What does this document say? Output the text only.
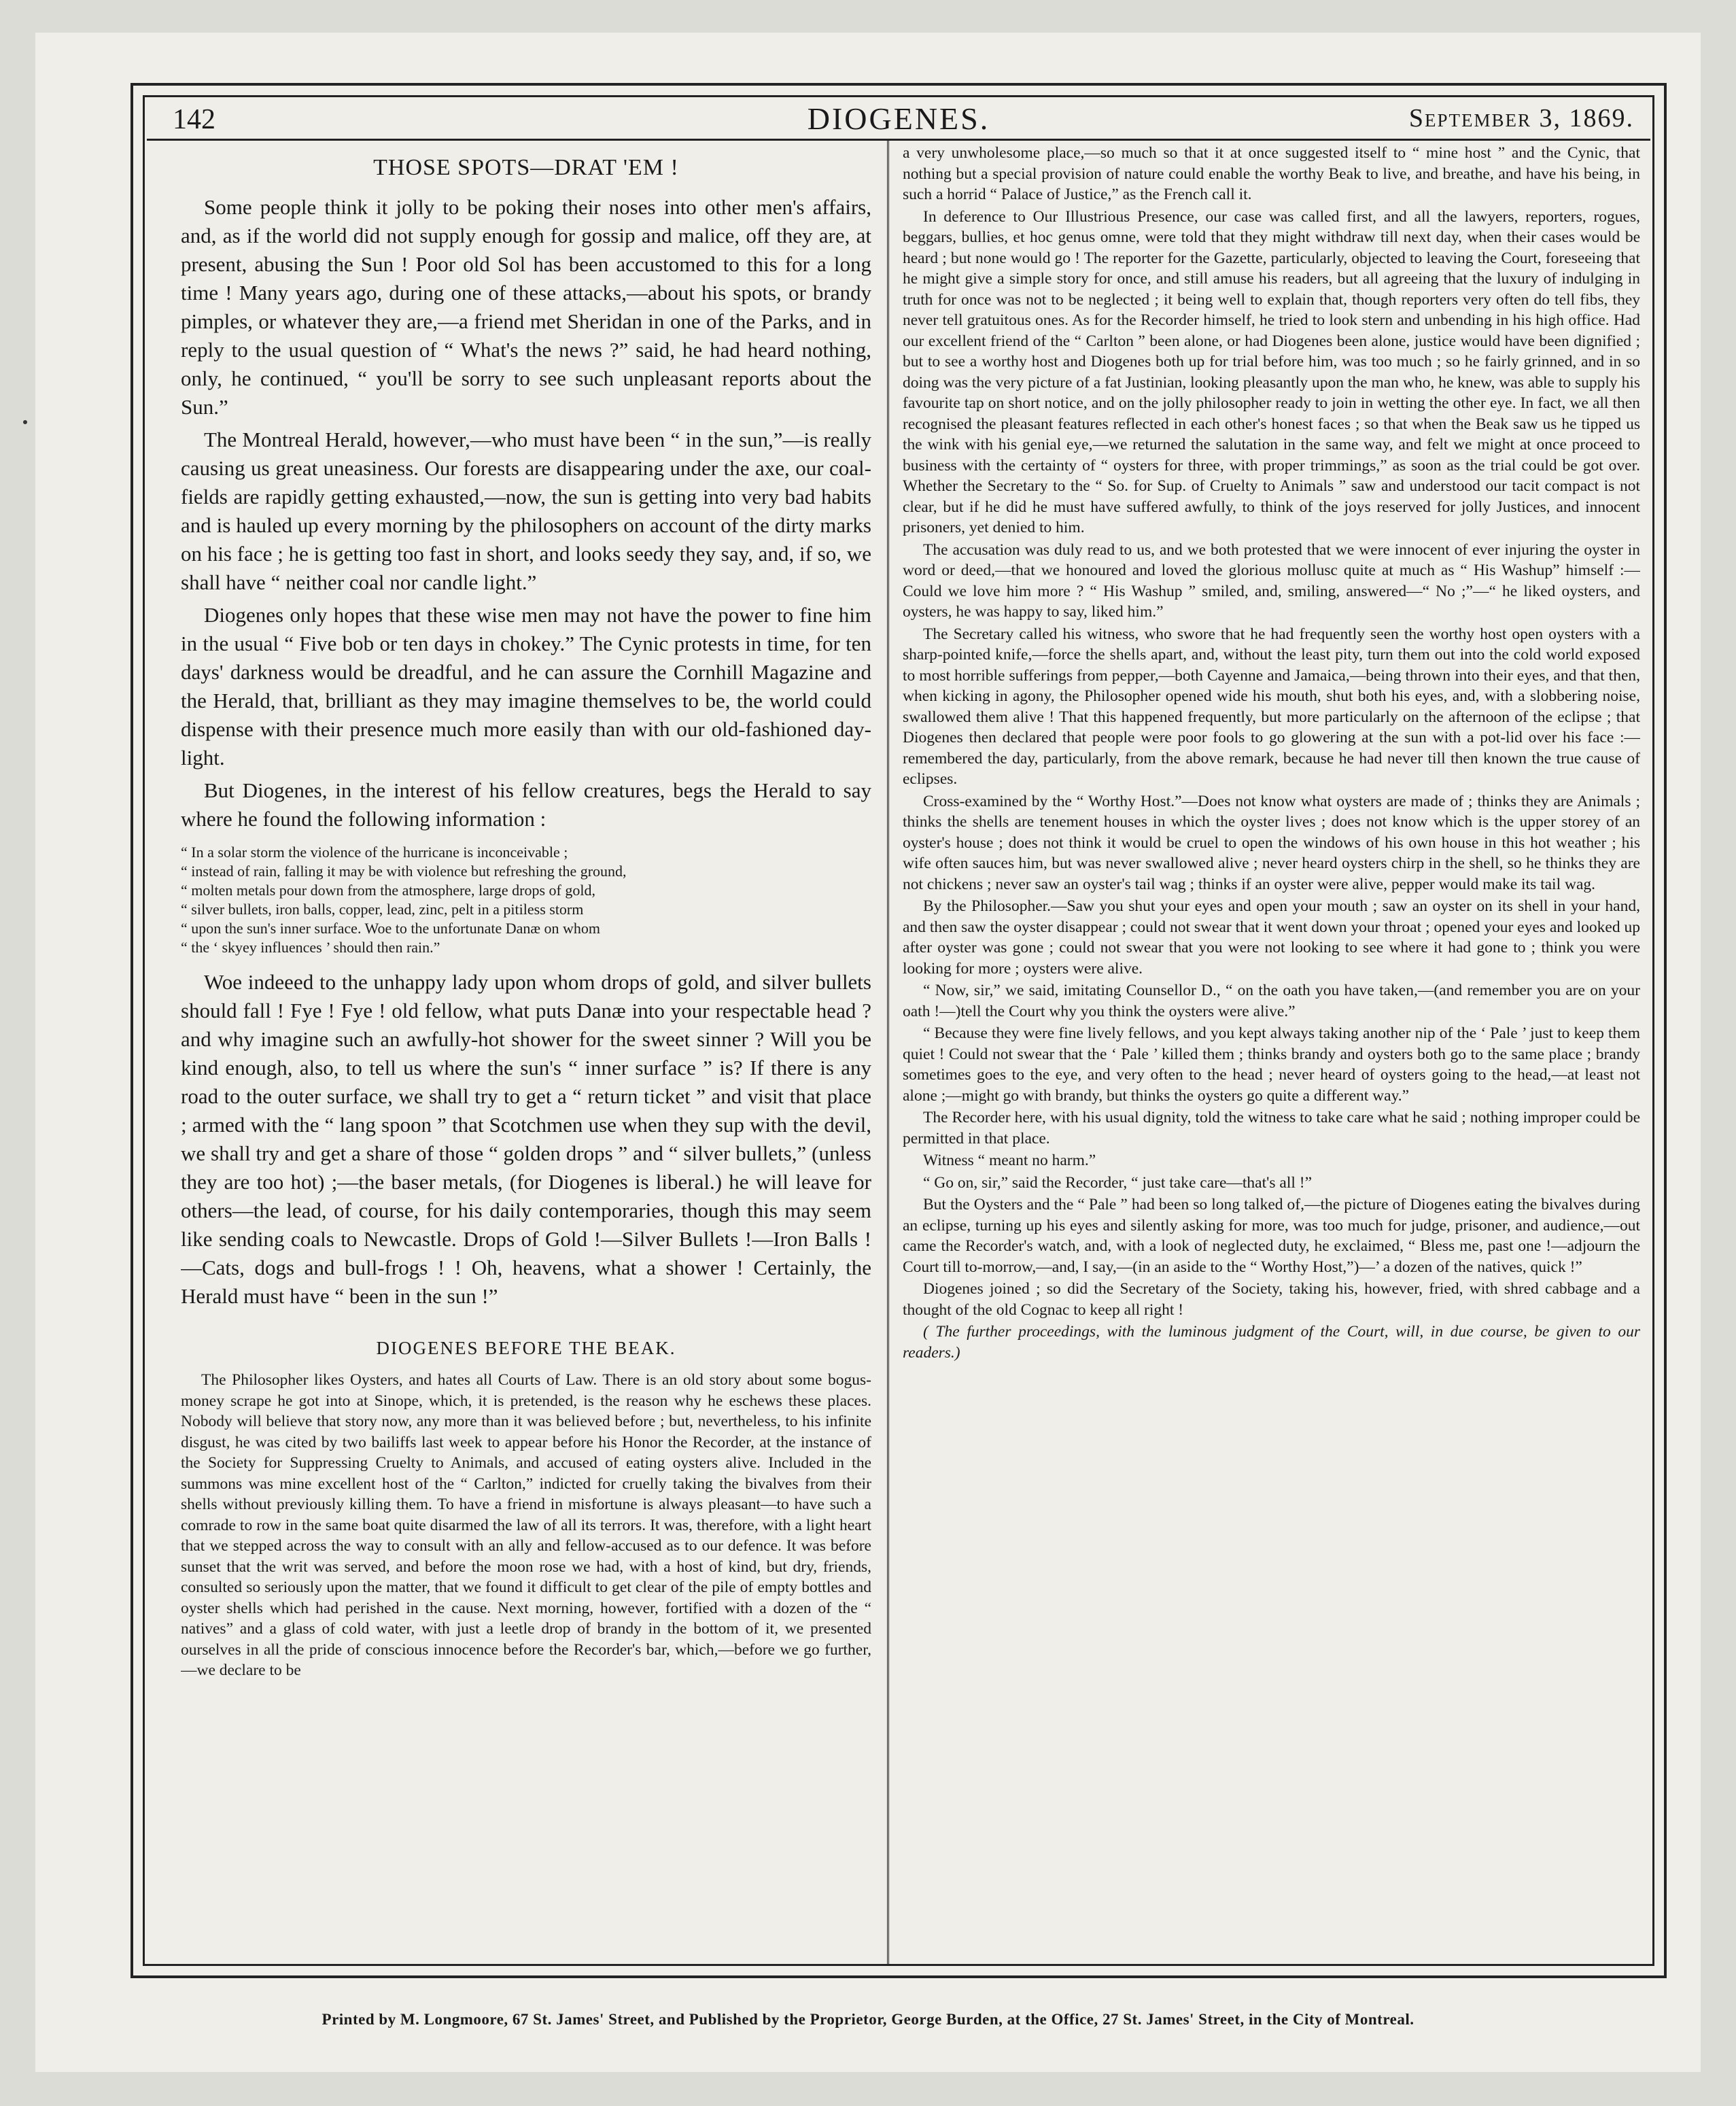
142	DIOGENES.	September 3, 1869.
THOSE SPOTS—DRAT 'EM !

Some people think it jolly to be poking their noses into other men's affairs, and, as if the world did not supply enough for gossip and malice, off they are, at present, abusing the Sun ! Poor old Sol has been accustomed to this for a long time ! Many years ago, during one of these attacks,—about his spots, or brandy pimples, or whatever they are,—a friend met Sheridan in one of the Parks, and in reply to the usual question of “ What's the news ?” said, he had heard nothing, only, he continued, “ you'll be sorry to see such unpleasant reports about the Sun.”

The Montreal Herald, however,—who must have been “ in the sun,”—is really causing us great uneasiness. Our forests are disappearing under the axe, our coal-fields are rapidly getting exhausted,—now, the sun is getting into very bad habits and is hauled up every morning by the philosophers on account of the dirty marks on his face ; he is getting too fast in short, and looks seedy they say, and, if so, we shall have “ neither coal nor candle light.”

Diogenes only hopes that these wise men may not have the power to fine him in the usual “ Five bob or ten days in chokey.” The Cynic protests in time, for ten days' darkness would be dreadful, and he can assure the Cornhill Magazine and the Herald, that, brilliant as they may imagine themselves to be, the world could dispense with their presence much more easily than with our old-fashioned day-light.

But Diogenes, in the interest of his fellow creatures, begs the Herald to say where he found the following information :

“ In a solar storm the violence of the hurricane is inconceivable ;

“ instead of rain, falling it may be with violence but refreshing the ground,

“ molten metals pour down from the atmosphere, large drops of gold,

“ silver bullets, iron balls, copper, lead, zinc, pelt in a pitiless storm

“ upon the sun's inner surface. Woe to the unfortunate Danæ on whom

“ the ‘ skyey influences ’ should then rain.”

Woe indeeed to the unhappy lady upon whom drops of gold, and silver bullets should fall ! Fye ! Fye ! old fellow, what puts Danæ into your respectable head ? and why imagine such an awfully-hot shower for the sweet sinner ? Will you be kind enough, also, to tell us where the sun's “ inner surface ” is? If there is any road to the outer surface, we shall try to get a “ return ticket ” and visit that place ; armed with the “ lang spoon ” that Scotchmen use when they sup with the devil, we shall try and get a share of those “ golden drops ” and “ silver bullets,” (unless they are too hot) ;—the baser metals, (for Diogenes is liberal.) he will leave for others—the lead, of course, for his daily contemporaries, though this may seem like sending coals to Newcastle. Drops of Gold !—Silver Bullets !—Iron Balls ! —Cats, dogs and bull-frogs ! ! Oh, heavens, what a shower ! Certainly, the Herald must have “ been in the sun !”

DIOGENES BEFORE THE BEAK.

The Philosopher likes Oysters, and hates all Courts of Law. There is an old story about some bogus-money scrape he got into at Sinope, which, it is pretended, is the reason why he eschews these places. Nobody will believe that story now, any more than it was believed before ; but, nevertheless, to his infinite disgust, he was cited by two bailiffs last week to appear before his Honor the Recorder, at the instance of the Society for Suppressing Cruelty to Animals, and accused of eating oysters alive. Included in the summons was mine excellent host of the “ Carlton,” indicted for cruelly taking the bivalves from their shells without previously killing them. To have a friend in misfortune is always pleasant—to have such a comrade to row in the same boat quite disarmed the law of all its terrors. It was, therefore, with a light heart that we stepped across the way to consult with an ally and fellow-accused as to our defence. It was before sunset that the writ was served, and before the moon rose we had, with a host of kind, but dry, friends, consulted so seriously upon the matter, that we found it difficult to get clear of the pile of empty bottles and oyster shells which had perished in the cause. Next morning, however, fortified with a dozen of the “ natives” and a glass of cold water, with just a leetle drop of brandy in the bottom of it, we presented ourselves in all the pride of conscious innocence before the Recorder's bar, which,—before we go further,—we declare to be

a very unwholesome place,—so much so that it at once suggested itself to “ mine host ” and the Cynic, that nothing but a special provision of nature could enable the worthy Beak to live, and breathe, and have his being, in such a horrid “ Palace of Justice,” as the French call it.

In deference to Our Illustrious Presence, our case was called first, and all the lawyers, reporters, rogues, beggars, bullies, et hoc genus omne, were told that they might withdraw till next day, when their cases would be heard ; but none would go ! The reporter for the Gazette, particularly, objected to leaving the Court, foreseeing that he might give a simple story for once, and still amuse his readers, but all agreeing that the luxury of indulging in truth for once was not to be neglected ; it being well to explain that, though reporters very often do tell fibs, they never tell gratuitous ones. As for the Recorder himself, he tried to look stern and unbending in his high office. Had our excellent friend of the “ Carlton ” been alone, or had Diogenes been alone, justice would have been dignified ; but to see a worthy host and Diogenes both up for trial before him, was too much ; so he fairly grinned, and in so doing was the very picture of a fat Justinian, looking pleasantly upon the man who, he knew, was able to supply his favourite tap on short notice, and on the jolly philosopher ready to join in wetting the other eye. In fact, we all then recognised the pleasant features reflected in each other's honest faces ; so that when the Beak saw us he tipped us the wink with his genial eye,—we returned the salutation in the same way, and felt we might at once proceed to business with the certainty of “ oysters for three, with proper trimmings,” as soon as the trial could be got over. Whether the Secretary to the “ So. for Sup. of Cruelty to Animals ” saw and understood our tacit compact is not clear, but if he did he must have suffered awfully, to think of the joys reserved for jolly Justices, and innocent prisoners, yet denied to him.

The accusation was duly read to us, and we both protested that we were innocent of ever injuring the oyster in word or deed,—that we honoured and loved the glorious mollusc quite at much as “ His Washup” himself :—Could we love him more ? “ His Washup ” smiled, and, smiling, answered—“ No ;”—“ he liked oysters, and oysters, he was happy to say, liked him.”

The Secretary called his witness, who swore that he had frequently seen the worthy host open oysters with a sharp-pointed knife,—force the shells apart, and, without the least pity, turn them out into the cold world exposed to most horrible sufferings from pepper,—both Cayenne and Jamaica,—being thrown into their eyes, and that then, when kicking in agony, the Philosopher opened wide his mouth, shut both his eyes, and, with a slobbering noise, swallowed them alive ! That this happened frequently, but more particularly on the afternoon of the eclipse ; that Diogenes then declared that people were poor fools to go glowering at the sun with a pot-lid over his face :—remembered the day, particularly, from the above remark, because he had never till then known the true cause of eclipses.

Cross-examined by the “ Worthy Host.”—Does not know what oysters are made of ; thinks they are Animals ; thinks the shells are tenement houses in which the oyster lives ; does not know which is the upper storey of an oyster's house ; does not think it would be cruel to open the windows of his own house in this hot weather ; his wife often sauces him, but was never swallowed alive ; never heard oysters chirp in the shell, so he thinks they are not chickens ; never saw an oyster's tail wag ; thinks if an oyster were alive, pepper would make its tail wag.

By the Philosopher.—Saw you shut your eyes and open your mouth ; saw an oyster on its shell in your hand, and then saw the oyster disappear ; could not swear that it went down your throat ; opened your eyes and looked up after oyster was gone ; could not swear that you were not looking to see where it had gone to ; think you were looking for more ; oysters were alive.

“ Now, sir,” we said, imitating Counsellor D., “ on the oath you have taken,—(and remember you are on your oath !—)tell the Court why you think the oysters were alive.”

“ Because they were fine lively fellows, and you kept always taking another nip of the ‘ Pale ’ just to keep them quiet ! Could not swear that the ‘ Pale ’ killed them ; thinks brandy and oysters both go to the same place ; brandy sometimes goes to the eye, and very often to the head ; never heard of oysters going to the head,—at least not alone ;—might go with brandy, but thinks the oysters go quite a different way.”

The Recorder here, with his usual dignity, told the witness to take care what he said ; nothing improper could be permitted in that place.

Witness “ meant no harm.”

“ Go on, sir,” said the Recorder, “ just take care—that's all !”

But the Oysters and the “ Pale ” had been so long talked of,—the picture of Diogenes eating the bivalves during an eclipse, turning up his eyes and silently asking for more, was too much for judge, prisoner, and audience,—out came the Recorder's watch, and, with a look of neglected duty, he exclaimed, “ Bless me, past one !—adjourn the Court till to-morrow,—and, I say,—(in an aside to the “ Worthy Host,”)—’ a dozen of the natives, quick !”

Diogenes joined ; so did the Secretary of the Society, taking his, however, fried, with shred cabbage and a thought of the old Cognac to keep all right !

( The further proceedings, with the luminous judgment of the Court, will, in due course, be given to our readers.)

Printed by M. Longmoore, 67 St. James' Street, and Published by the Proprietor, George Burden, at the Office, 27 St. James' Street, in the City of Montreal.
